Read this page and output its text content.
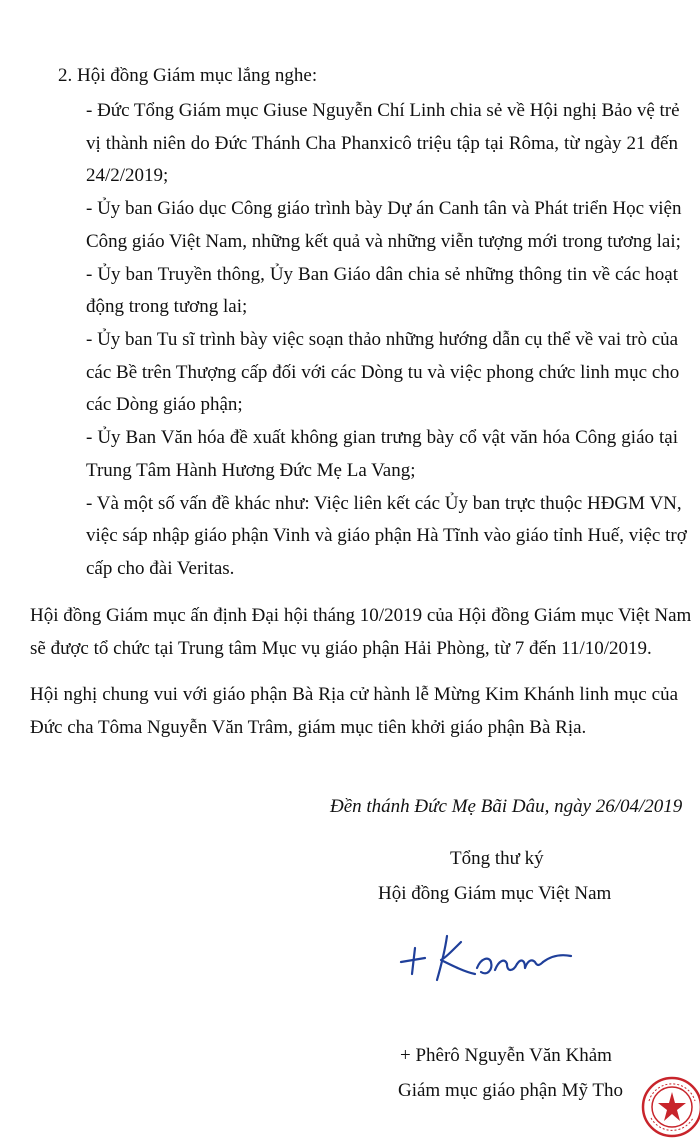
2. Hội đồng Giám mục lắng nghe:
- Đức Tổng Giám mục Giuse Nguyễn Chí Linh chia sẻ về Hội nghị Bảo vệ trẻ
vị thành niên do Đức Thánh Cha Phanxicô triệu tập tại Rôma, từ ngày 21 đến
24/2/2019;
- Ủy ban Giáo dục Công giáo trình bày Dự án Canh tân và Phát triển Học viện
Công giáo Việt Nam, những kết quả và những viễn tượng mới trong tương lai;
- Ủy ban Truyền thông, Ủy Ban Giáo dân chia sẻ những thông tin về các hoạt
động trong tương lai;
- Ủy ban Tu sĩ trình bày việc soạn thảo những hướng dẫn cụ thể về vai trò của
các Bề trên Thượng cấp đối với các Dòng tu và việc phong chức linh mục cho
các Dòng giáo phận;
- Ủy Ban Văn hóa đề xuất không gian trưng bày cổ vật văn hóa Công giáo tại
Trung Tâm Hành Hương Đức Mẹ La Vang;
- Và một số vấn đề khác như: Việc liên kết các Ủy ban trực thuộc HĐGM VN,
việc sáp nhập giáo phận Vinh và giáo phận Hà Tĩnh vào giáo tỉnh Huế, việc trợ
cấp cho đài Veritas.
Hội đồng Giám mục ấn định Đại hội tháng 10/2019 của Hội đồng Giám mục Việt Nam
sẽ được tổ chức tại Trung tâm Mục vụ giáo phận Hải Phòng, từ 7 đến 11/10/2019.
Hội nghị chung vui với giáo phận Bà Rịa cử hành lễ Mừng Kim Khánh linh mục của
Đức cha Tôma Nguyễn Văn Trâm, giám mục tiên khởi giáo phận Bà Rịa.
Đền thánh Đức Mẹ Bãi Dâu, ngày 26/04/2019
Tổng thư ký
Hội đồng Giám mục Việt Nam
+ Phêrô Nguyễn Văn Khảm
Giám mục giáo phận Mỹ Tho
